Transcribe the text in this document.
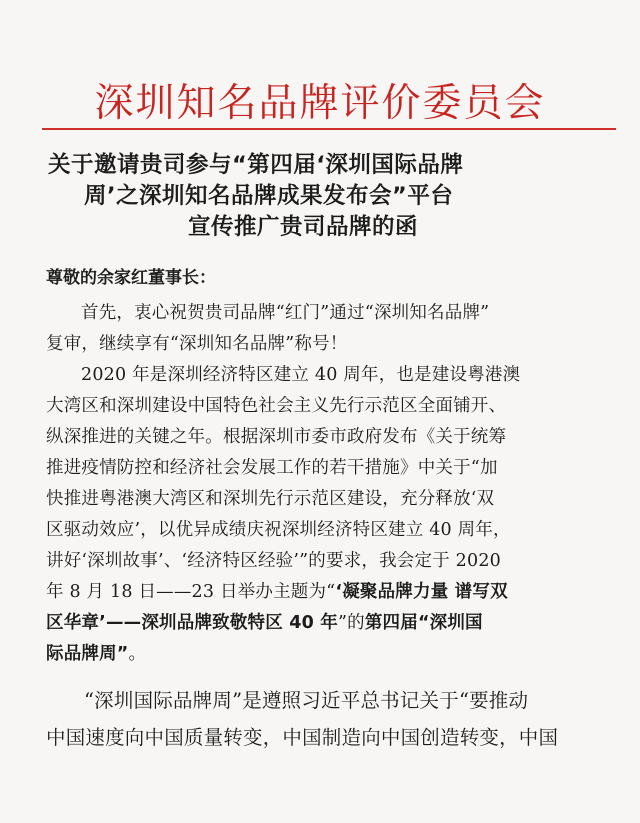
深圳知名品牌评价委员会
关于邀请贵司参与“第四届‘深圳国际品牌
周’之深圳知名品牌成果发布会”平台
宣传推广贵司品牌的函
尊敬的余家红董事长：
首先，衷心祝贺贵司品牌“红门”通过“深圳知名品牌”
复审，继续享有“深圳知名品牌”称号！
2020 年是深圳经济特区建立 40 周年，也是建设粤港澳
大湾区和深圳建设中国特色社会主义先行示范区全面铺开、
纵深推进的关键之年。根据深圳市委市政府发布《关于统筹
推进疫情防控和经济社会发展工作的若干措施》中关于“加
快推进粤港澳大湾区和深圳先行示范区建设，充分释放‘双
区驱动效应’，以优异成绩庆祝深圳经济特区建立 40 周年，
讲好‘深圳故事’、‘经济特区经验’”的要求，我会定于 2020
年 8 月 18 日——23 日举办主题为“‘凝聚品牌力量 谱写双
区华章’——深圳品牌致敬特区 40 年”的第四届“深圳国
际品牌周”。
“深圳国际品牌周”是遵照习近平总书记关于“要推动
中国速度向中国质量转变，中国制造向中国创造转变，中国
